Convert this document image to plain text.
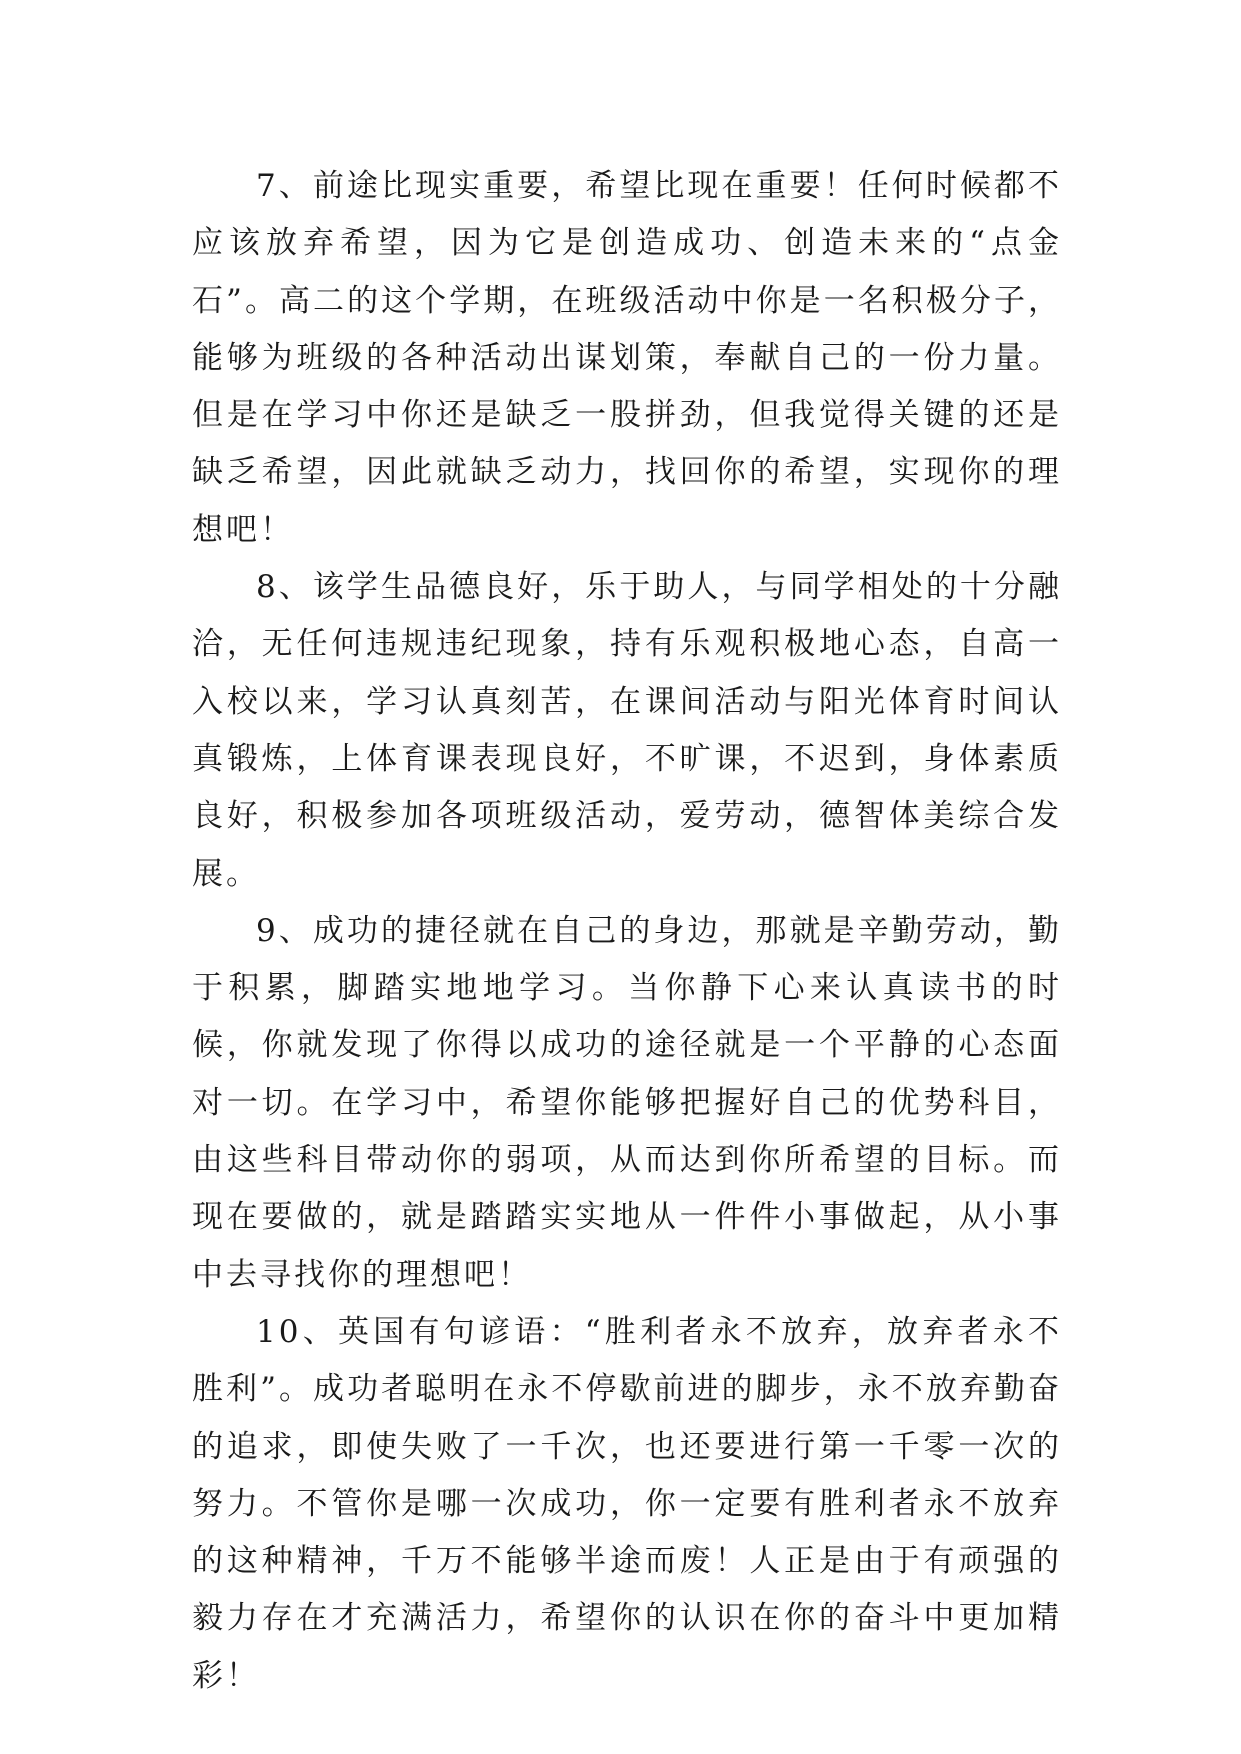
7、前途比现实重要，希望比现在重要！任何时候都不应该放弃希望，因为它是创造成功、创造未来的“点金石”。高二的这个学期，在班级活动中你是一名积极分子，能够为班级的各种活动出谋划策，奉献自己的一份力量。但是在学习中你还是缺乏一股拼劲，但我觉得关键的还是缺乏希望，因此就缺乏动力，找回你的希望，实现你的理想吧！

8、该学生品德良好，乐于助人，与同学相处的十分融洽，无任何违规违纪现象，持有乐观积极地心态，自高一入校以来，学习认真刻苦，在课间活动与阳光体育时间认真锻炼，上体育课表现良好，不旷课，不迟到，身体素质良好，积极参加各项班级活动，爱劳动，德智体美综合发展。

9、成功的捷径就在自己的身边，那就是辛勤劳动，勤于积累，脚踏实地地学习。当你静下心来认真读书的时候，你就发现了你得以成功的途径就是一个平静的心态面对一切。在学习中，希望你能够把握好自己的优势科目，由这些科目带动你的弱项，从而达到你所希望的目标。而现在要做的，就是踏踏实实地从一件件小事做起，从小事中去寻找你的理想吧！

10、英国有句谚语：“胜利者永不放弃，放弃者永不胜利”。成功者聪明在永不停歇前进的脚步，永不放弃勤奋的追求，即使失败了一千次，也还要进行第一千零一次的努力。不管你是哪一次成功，你一定要有胜利者永不放弃的这种精神，千万不能够半途而废！人正是由于有顽强的毅力存在才充满活力，希望你的认识在你的奋斗中更加精彩！
